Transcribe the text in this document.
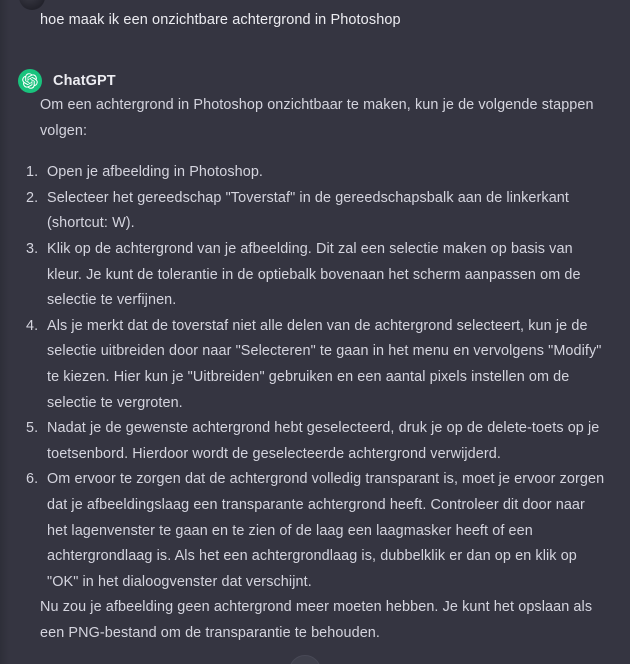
hoe maak ik een onzichtbare achtergrond in Photoshop
ChatGPT

Om een achtergrond in Photoshop onzichtbaar te maken, kun je de volgende stappen volgen:

Open je afbeelding in Photoshop.
Selecteer het gereedschap "Toverstaf" in de gereedschapsbalk aan de linkerkant (shortcut: W).
Klik op de achtergrond van je afbeelding. Dit zal een selectie maken op basis van kleur. Je kunt de tolerantie in de optiebalk bovenaan het scherm aanpassen om de selectie te verfijnen.
Als je merkt dat de toverstaf niet alle delen van de achtergrond selecteert, kun je de selectie uitbreiden door naar "Selecteren" te gaan in het menu en vervolgens "Modify" te kiezen. Hier kun je "Uitbreiden" gebruiken en een aantal pixels instellen om de selectie te vergroten.
Nadat je de gewenste achtergrond hebt geselecteerd, druk je op de delete-toets op je toetsenbord. Hierdoor wordt de geselecteerde achtergrond verwijderd.
Om ervoor te zorgen dat de achtergrond volledig transparant is, moet je ervoor zorgen dat je afbeeldingslaag een transparante achtergrond heeft. Controleer dit door naar het lagenvenster te gaan en te zien of de laag een laagmasker heeft of een achtergrondlaag is. Als het een achtergrondlaag is, dubbelklik er dan op en klik op "OK" in het dialoogvenster dat verschijnt.

Nu zou je afbeelding geen achtergrond meer moeten hebben. Je kunt het opslaan als een PNG-bestand om de transparantie te behouden.
